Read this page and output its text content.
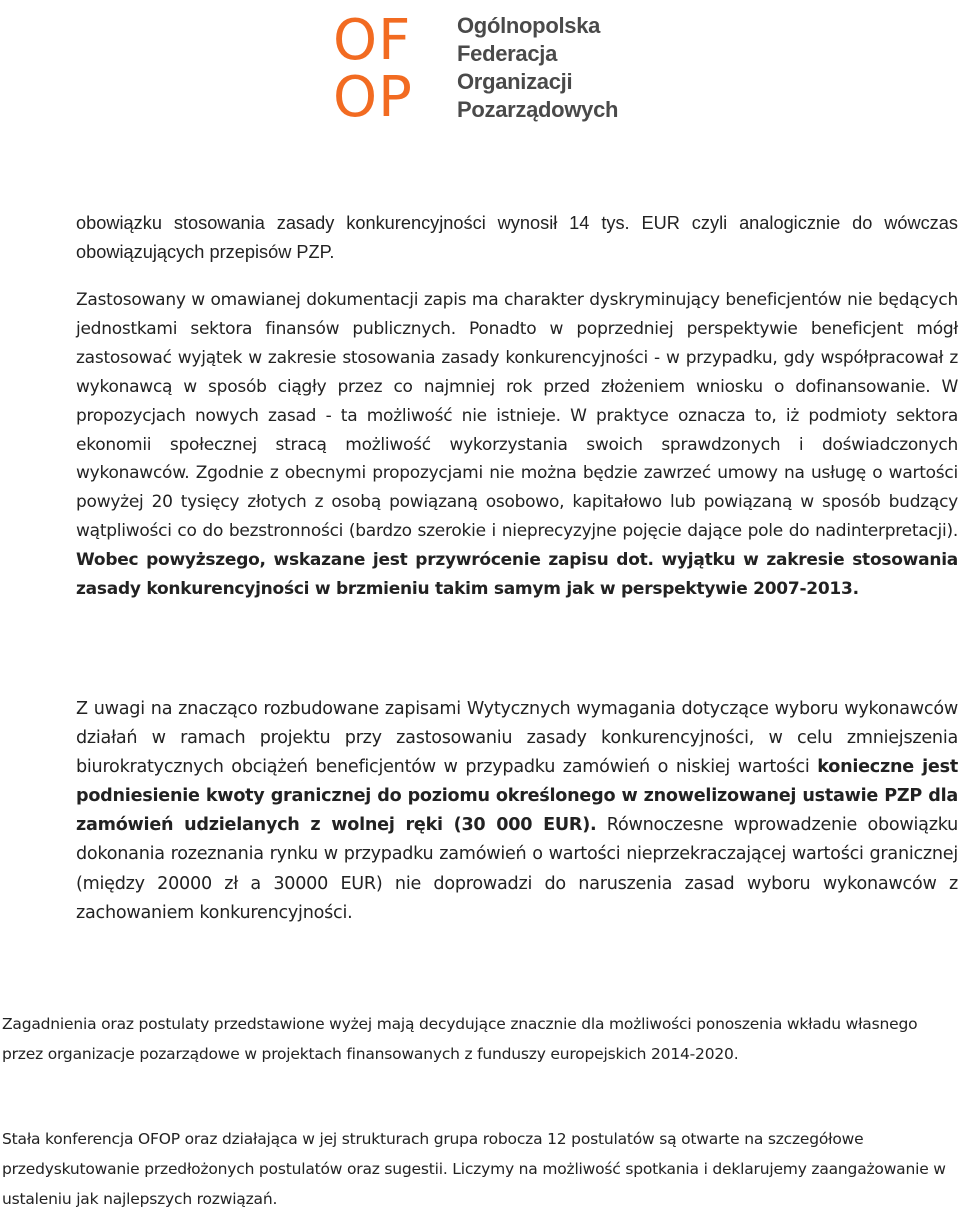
OF
OP
Ogólnopolska
Federacja
Organizacji
Pozarządowych

obowiązku stosowania zasady konkurencyjności wynosił 14 tys. EUR czyli analogicznie do wówczas obowiązujących przepisów PZP.

Zastosowany w omawianej dokumentacji zapis ma charakter dyskryminujący beneficjentów nie będących jednostkami sektora finansów publicznych. Ponadto w poprzedniej perspektywie beneficjent mógł zastosować wyjątek w zakresie stosowania zasady konkurencyjności - w przypadku, gdy współpracował z wykonawcą w sposób ciągły przez co najmniej rok przed złożeniem wniosku o dofinansowanie. W propozycjach nowych zasad - ta możliwość nie istnieje. W praktyce oznacza to, iż podmioty sektora ekonomii społecznej stracą możliwość wykorzystania swoich sprawdzonych i doświadczonych wykonawców. Zgodnie z obecnymi propozycjami nie można będzie zawrzeć umowy na usługę o wartości powyżej 20 tysięcy złotych z osobą powiązaną osobowo, kapitałowo lub powiązaną w sposób budzący wątpliwości co do bezstronności (bardzo szerokie i nieprecyzyjne pojęcie dające pole do nadinterpretacji). Wobec powyższego, wskazane jest przywrócenie zapisu dot. wyjątku w zakresie stosowania zasady konkurencyjności w brzmieniu takim samym jak w perspektywie 2007-2013.

Z uwagi na znacząco rozbudowane zapisami Wytycznych wymagania dotyczące wyboru wykonawców działań w ramach projektu przy zastosowaniu zasady konkurencyjności, w celu zmniejszenia biurokratycznych obciążeń beneficjentów w przypadku zamówień o niskiej wartości konieczne jest podniesienie kwoty granicznej do poziomu określonego w znowelizowanej ustawie PZP dla zamówień udzielanych z wolnej ręki (30 000 EUR). Równoczesne wprowadzenie obowiązku dokonania rozeznania rynku w przypadku zamówień o wartości nieprzekraczającej wartości granicznej (między 20000 zł a 30000 EUR) nie doprowadzi do naruszenia zasad wyboru wykonawców z zachowaniem konkurencyjności.

Zagadnienia oraz postulaty przedstawione wyżej mają decydujące znacznie dla możliwości ponoszenia wkładu własnego przez organizacje pozarządowe w projektach finansowanych z funduszy europejskich 2014-2020.

Stała konferencja OFOP oraz działająca w jej strukturach grupa robocza 12 postulatów są otwarte na szczegółowe przedyskutowanie przedłożonych postulatów oraz sugestii. Liczymy na możliwość spotkania i deklarujemy zaangażowanie w ustaleniu jak najlepszych rozwiązań.
